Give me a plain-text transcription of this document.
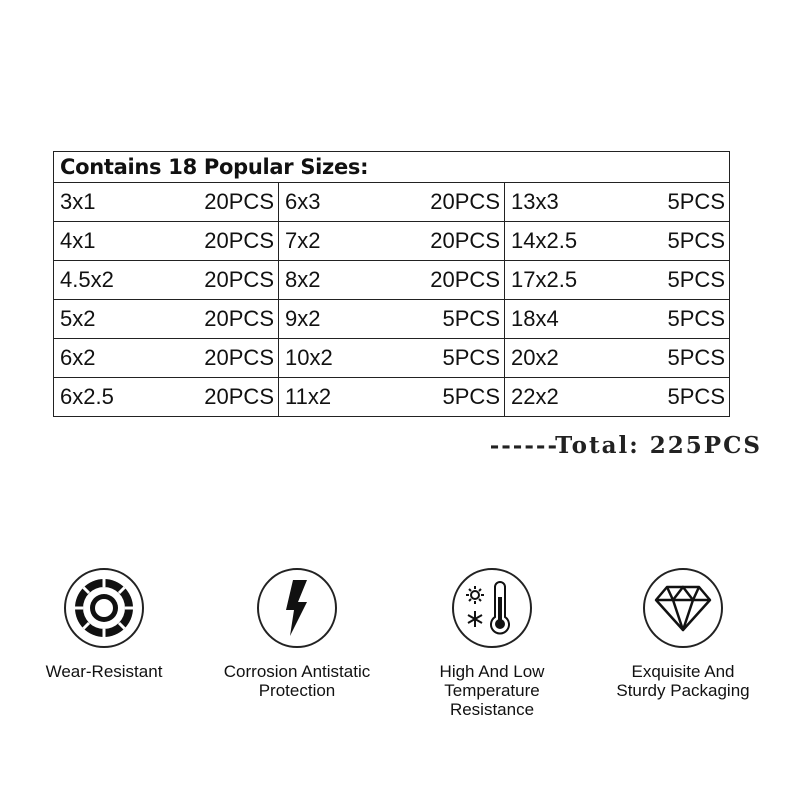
Contains 18 Popular Sizes:
3x1	20PCS 6x3	20PCS 13x3	5PCS
4x1	20PCS 7x2	20PCS 14x2.5	5PCS
4.5x2	20PCS 8x2	20PCS 17x2.5	5PCS
5x2	20PCS 9x2	5PCS 18x4	5PCS
6x2	20PCS 10x2	5PCS 20x2	5PCS
6x2.5	20PCS 11x2	5PCS 22x2	5PCS
------Total: 225PCS
Wear-Resistant	Corrosion Antistatic
Protection
High And Low
Temperature
Resistance
Exquisite And
Sturdy Packaging
